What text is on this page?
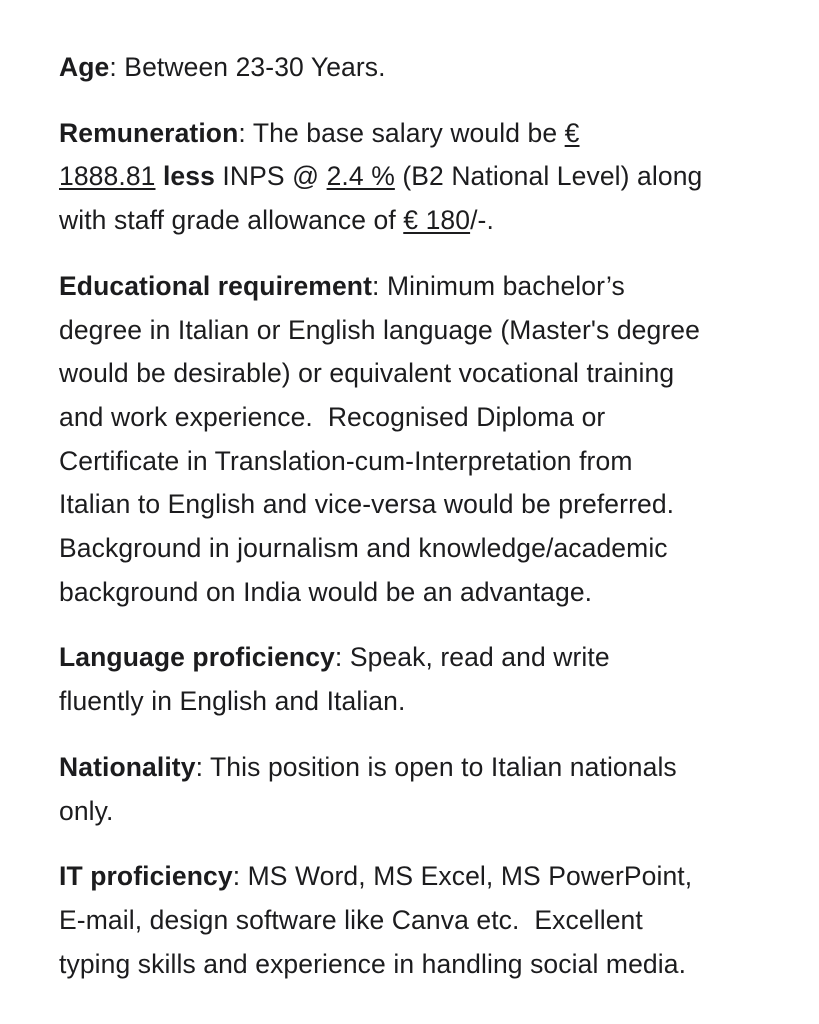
Age: Between 23-30 Years.

Remuneration: The base salary would be €
1888.81 less INPS @ 2.4 % (B2 National Level) along
with staff grade allowance of € 180/-.

Educational requirement: Minimum bachelor’s
degree in Italian or English language (Master's degree
would be desirable) or equivalent vocational training
and work experience.  Recognised Diploma or
Certificate in Translation-cum-Interpretation from
Italian to English and vice-versa would be preferred.
Background in journalism and knowledge/academic
background on India would be an advantage.

Language proficiency: Speak, read and write
fluently in English and Italian.

Nationality: This position is open to Italian nationals
only.

IT proficiency: MS Word, MS Excel, MS PowerPoint,
E-mail, design software like Canva etc.  Excellent
typing skills and experience in handling social media.
